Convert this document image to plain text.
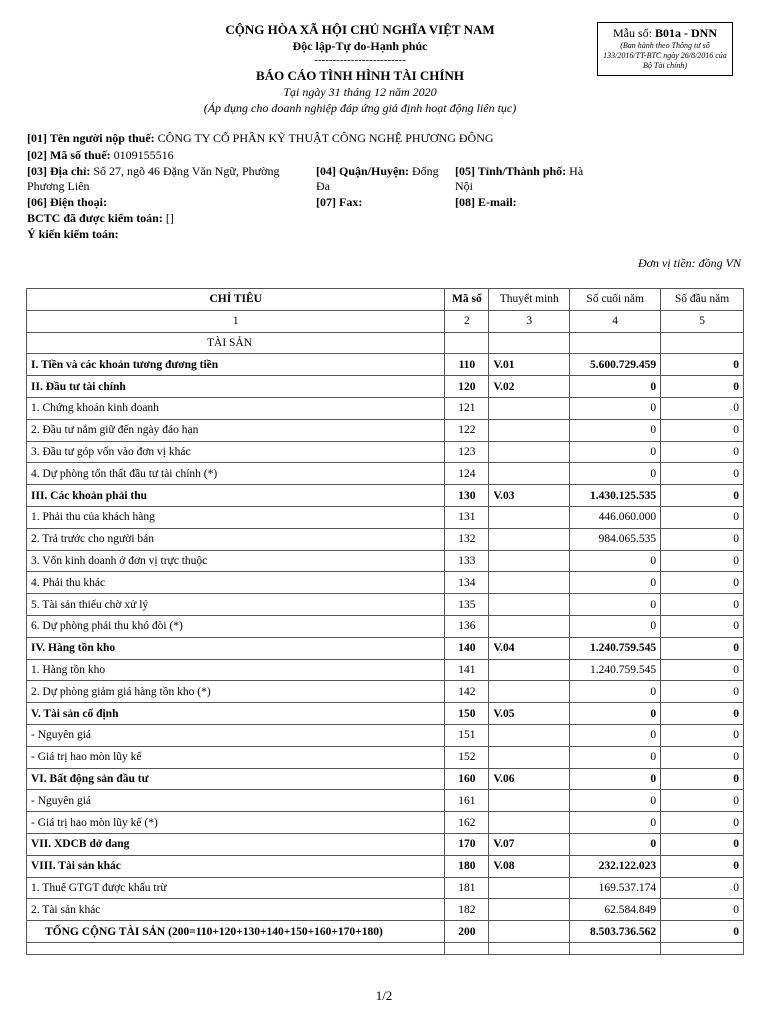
CỘNG HÒA XÃ HỘI CHỦ NGHĨA VIỆT NAM
Độc lập-Tự do-Hạnh phúc
-------------------------
BÁO CÁO TÌNH HÌNH TÀI CHÍNH
Tại ngày 31 tháng 12 năm 2020
(Áp dụng cho doanh nghiệp đáp ứng giả định hoạt động liên tục)
Mẫu số: B01a - DNN
(Ban hành theo Thông tư số 133/2016/TT-BTC ngày 26/8/2016 của Bộ Tài chính)
[01] Tên người nộp thuế: CÔNG TY CỔ PHẦN KỸ THUẬT CÔNG NGHỆ PHƯƠNG ĐÔNG
[02] Mã số thuế: 0109155516
[03] Địa chỉ: Số 27, ngõ 46 Đặng Văn Ngữ, Phường
Phương Liên
[04] Quận/Huyện: Đống
Đa
[05] Tỉnh/Thành phố: Hà
Nội
[06] Điện thoại:	[07] Fax:	[08] E-mail:
BCTC đã được kiểm toán: []
Ý kiến kiểm toán:
Đơn vị tiền: đồng VN
CHỈ TIÊU	Mã số	Thuyết minh	Số cuối năm	Số đầu năm
1	2	3	4	5
TÀI SẢN				
I. Tiền và các khoản tương đương tiền	110	V.01	5.600.729.459	0
II. Đầu tư tài chính	120	V.02	0	0
1. Chứng khoán kinh doanh	121		0	0
2. Đầu tư nắm giữ đến ngày đáo hạn	122		0	0
3. Đầu tư góp vốn vào đơn vị khác	123		0	0
4. Dự phòng tổn thất đầu tư tài chính (*)	124		0	0
III. Các khoản phải thu	130	V.03	1.430.125.535	0
1. Phải thu của khách hàng	131		446.060.000	0
2. Trả trước cho người bán	132		984.065.535	0
3. Vốn kinh doanh ở đơn vị trực thuộc	133		0	0
4. Phải thu khác	134		0	0
5. Tài sản thiếu chờ xử lý	135		0	0
6. Dự phòng phải thu khó đòi (*)	136		0	0
IV. Hàng tồn kho	140	V.04	1.240.759.545	0
1. Hàng tồn kho	141		1.240.759.545	0
2. Dự phòng giảm giá hàng tồn kho (*)	142		0	0
V. Tài sản cố định	150	V.05	0	0
- Nguyên giá	151		0	0
- Giá trị hao mòn lũy kế	152		0	0
VI. Bất động sản đầu tư	160	V.06	0	0
- Nguyên giá	161		0	0
- Giá trị hao mòn lũy kế (*)	162		0	0
VII. XDCB dở dang	170	V.07	0	0
VIII. Tài sản khác	180	V.08	232.122.023	0
1. Thuế GTGT được khấu trừ	181		169.537.174	0
2. Tài sản khác	182		62.584.849	0
TỔNG CỘNG TÀI SẢN (200=110+120+130+140+150+160+170+180)	200		8.503.736.562	0

1/2
